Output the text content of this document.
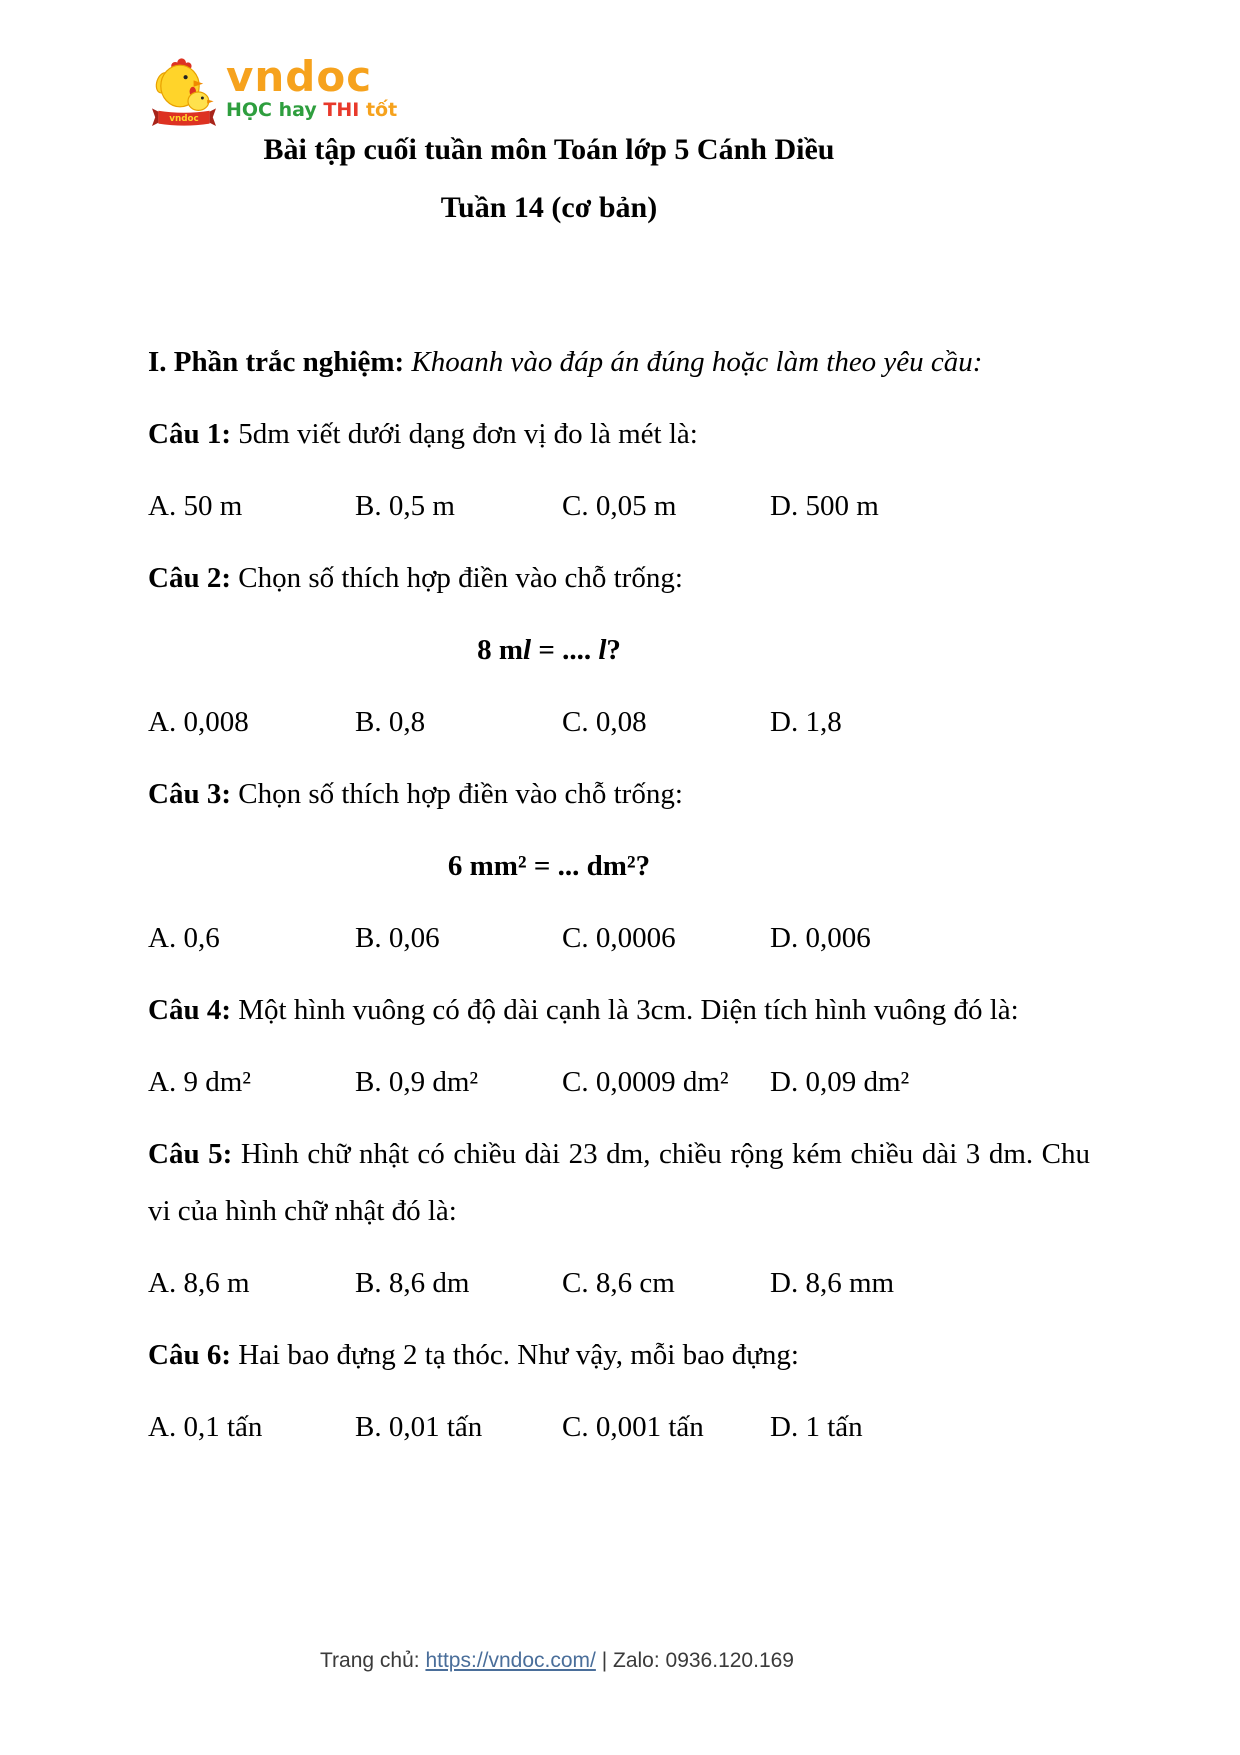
vndoc
vndoc
HỌC hay THI tốt
Bài tập cuối tuần môn Toán lớp 5 Cánh Diều
Tuần 14 (cơ bản)

I. Phần trắc nghiệm: Khoanh vào đáp án đúng hoặc làm theo yêu cầu:

Câu 1: 5dm viết dưới dạng đơn vị đo là mét là:

A. 50 m	B. 0,5 m	C. 0,05 m	D. 500 m

Câu 2: Chọn số thích hợp điền vào chỗ trống:

8 ml = .... l?

A. 0,008	B. 0,8	C. 0,08	D. 1,8

Câu 3: Chọn số thích hợp điền vào chỗ trống:

6 mm² = ... dm²?

A. 0,6	B. 0,06	C. 0,0006	D. 0,006

Câu 4: Một hình vuông có độ dài cạnh là 3cm. Diện tích hình vuông đó là:

A. 9 dm²	B. 0,9 dm²	C. 0,0009 dm²	D. 0,09 dm²

Câu 5: Hình chữ nhật có chiều dài 23 dm, chiều rộng kém chiều dài 3 dm. Chu vi của hình chữ nhật đó là:

A. 8,6 m	B. 8,6 dm	C. 8,6 cm	D. 8,6 mm

Câu 6: Hai bao đựng 2 tạ thóc. Như vậy, mỗi bao đựng:

A. 0,1 tấn	B. 0,01 tấn	C. 0,001 tấn	D. 1 tấn
Trang chủ: https://vndoc.com/ | Zalo: 0936.120.169
